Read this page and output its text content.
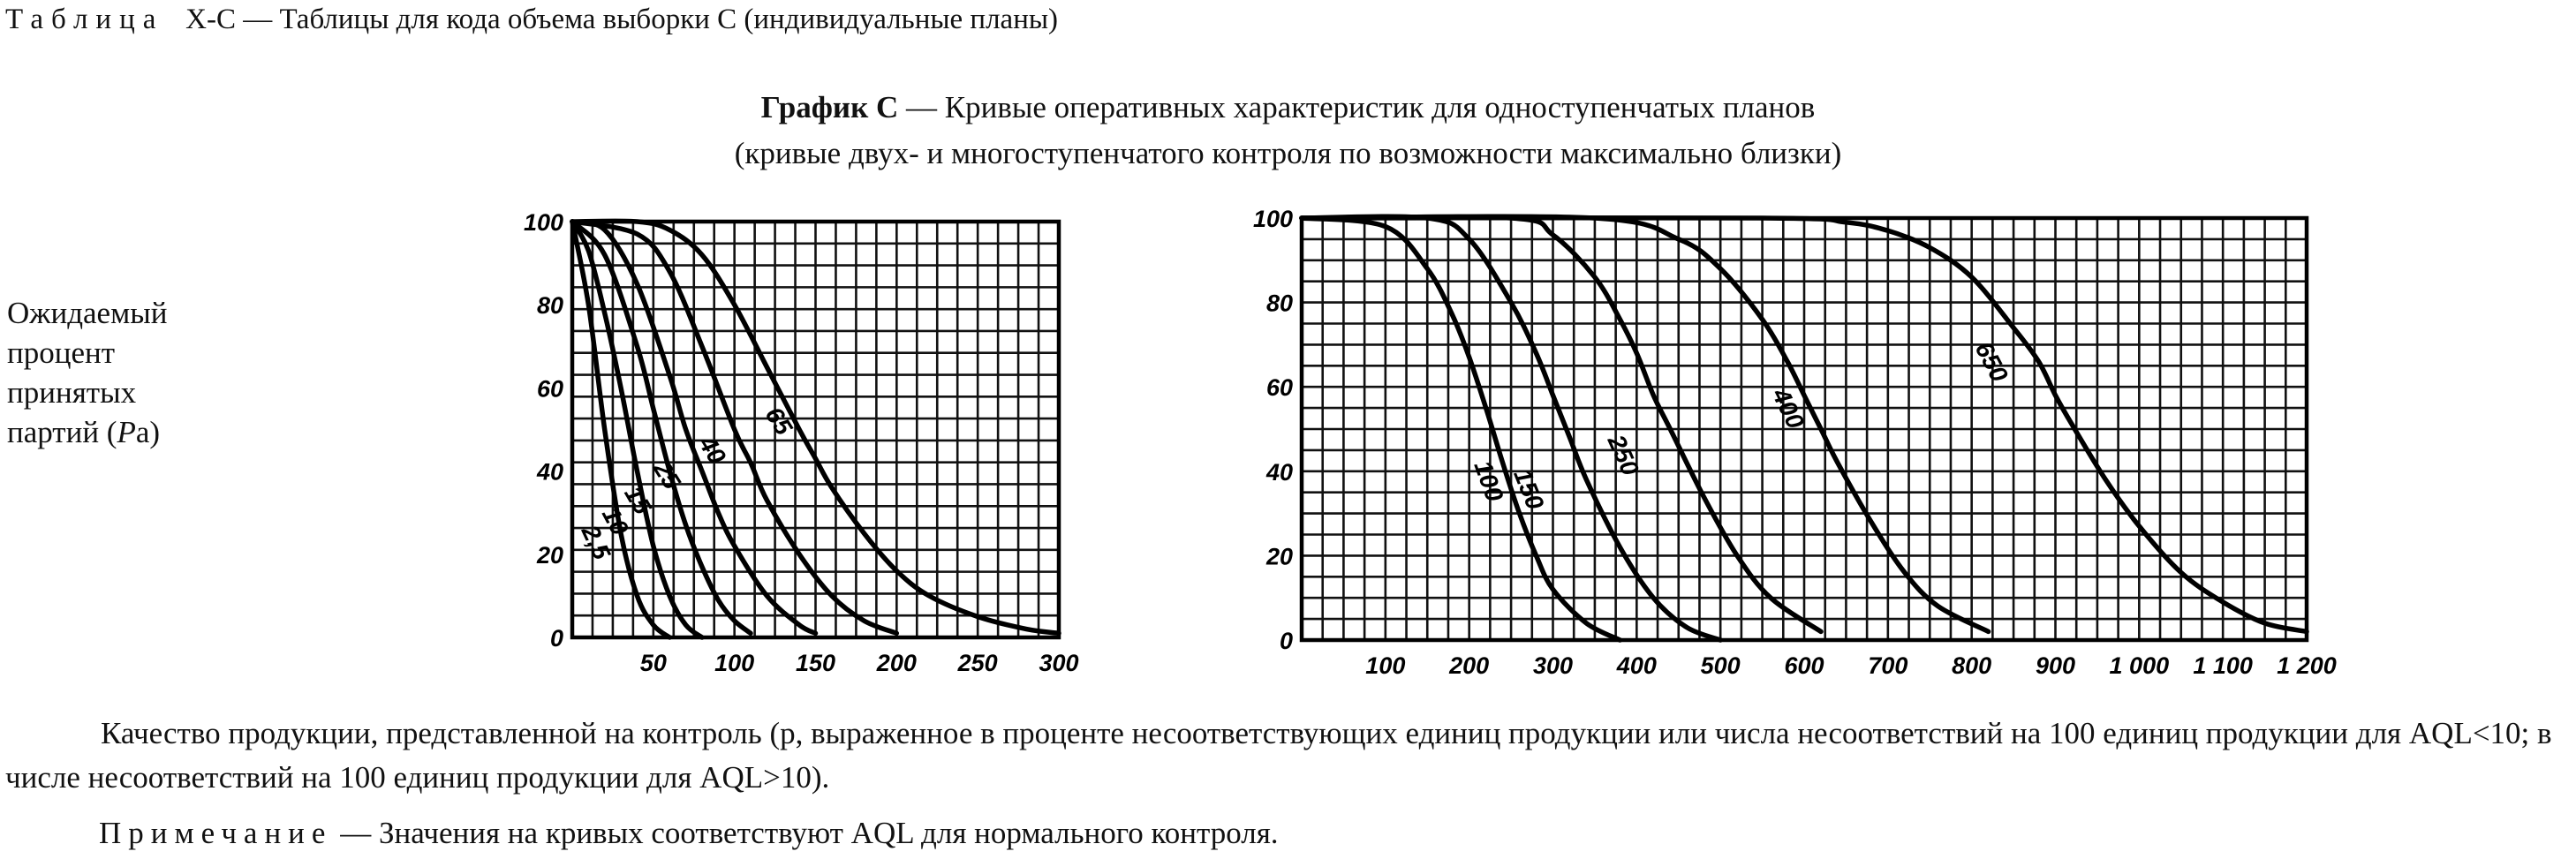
Таблица X-C — Таблицы для кода объема выборки C (индивидуальные планы)
График C — Кривые оперативных характеристик для одноступенчатых планов
(кривые двух- и многоступенчатого контроля по возможности максимально близки)
Ожидаемый
процент
принятых
партий (Pa)
0
20
40
60
80
100
50 100 150 200 250 300
2,5
10
15
25
40
65
0
20
40
60
80
100
100 200 300 400 500 600 700 800 900 1 000 1 100 1 200
100 150
250
400
650
Качество продукции, представленной на контроль (p, выраженное в проценте несоответствующих единиц продукции или числа несоответствий на 100 единиц продукции для AQL<10; в числе несоответствий на 100 единиц продукции для AQL>10).
Примечание — Значения на кривых соответствуют AQL для нормального контроля.
